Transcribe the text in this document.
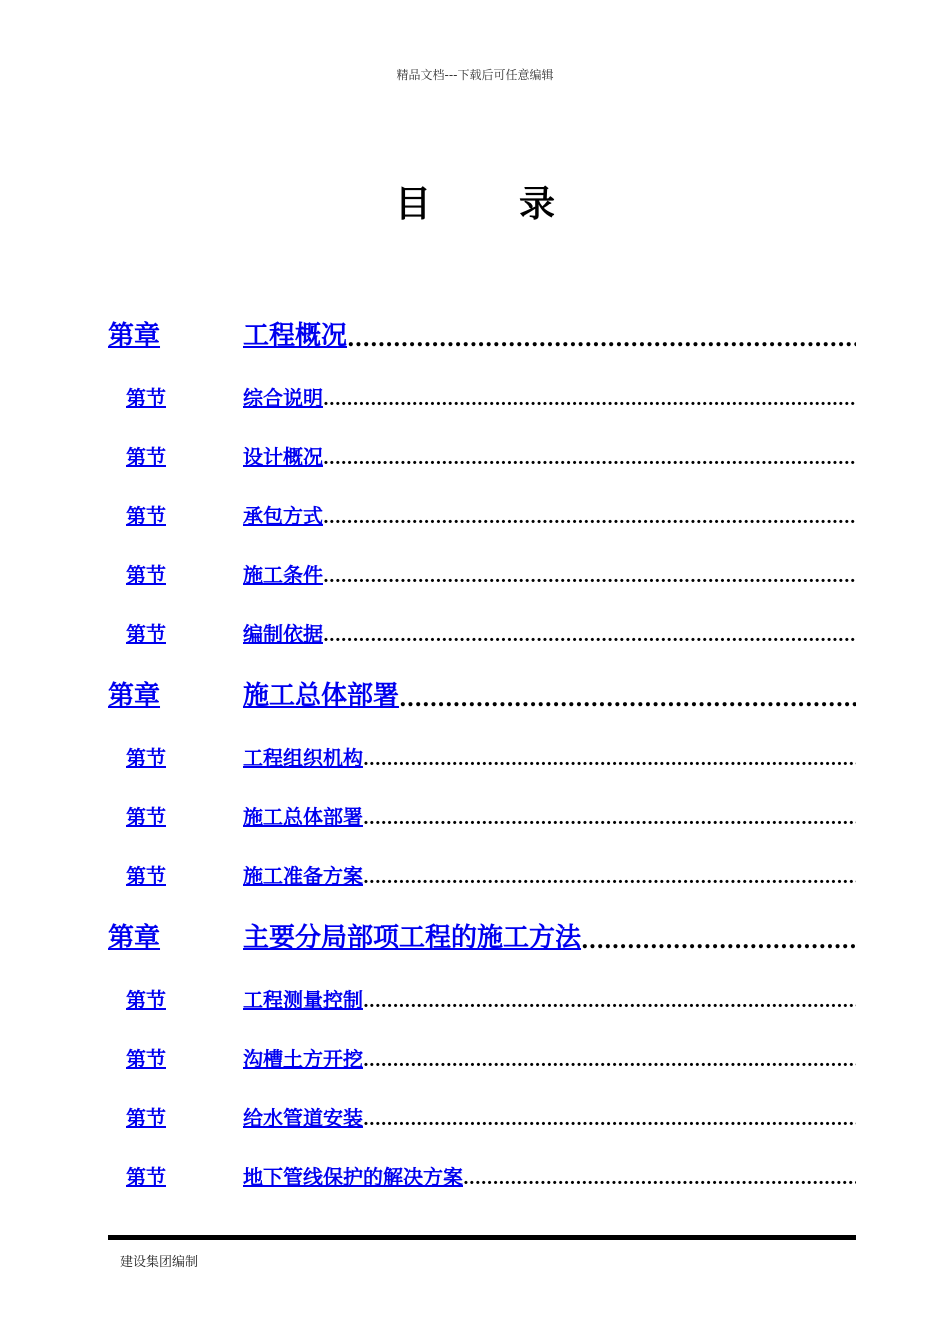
精品文档---下载后可任意编辑
目录
第章	工程概况
.....
第节	综合说明
.....
第节	设计概况
.....
第节	承包方式
.....
第节	施工条件
.....
第节	编制依据
.....
第章	施工总体部署
.....
第节	工程组织机构
.....
第节	施工总体部署
.....
第节	施工准备方案
.....
第章	主要分局部项工程的施工方法
.....
第节	工程测量控制
.....
第节	沟槽土方开挖
.....
第节	给水管道安装
.....
第节	地下管线保护的解决方案
.....
建设集团编制
